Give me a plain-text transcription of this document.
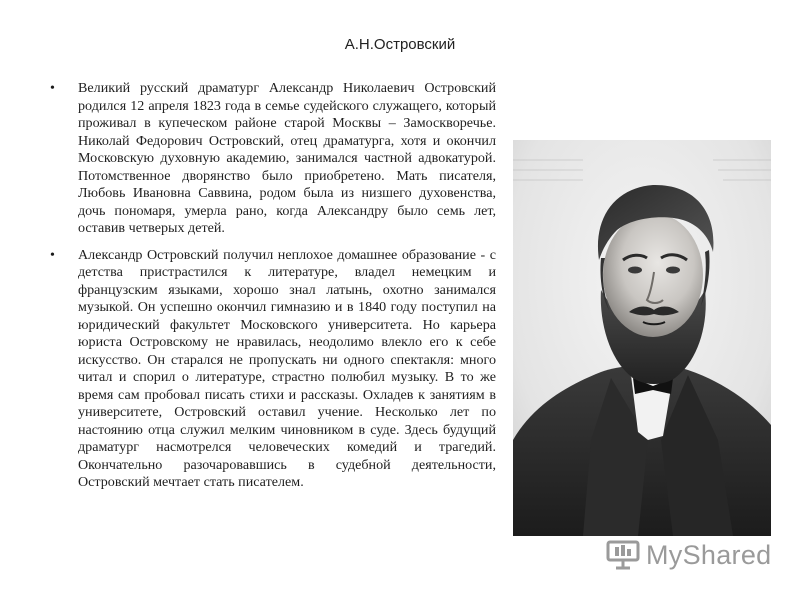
А.Н.Островский
• Великий русский драматург Александр Николаевич Островский родился 12 апреля 1823 года в семье судейского служащего, который проживал в купеческом районе старой Москвы – Замоскворечье. Николай Федорович Островский, отец драматурга, хотя и окончил Московскую духовную академию, занимался частной адвокатурой. Потомственное дворянство было приобретено. Мать писателя, Любовь Ивановна Саввина, родом была из низшего духовенства, дочь пономаря, умерла рано, когда Александру было семь лет, оставив четверых детей.
• Александр Островский получил неплохое домашнее образование - с детства пристрастился к литературе, владел немецким и французским языками, хорошо знал латынь, охотно занимался музыкой. Он успешно окончил гимназию и в 1840 году поступил на юридический факультет Московского университета. Но карьера юриста Островскому не нравилась, неодолимо влекло его к себе искусство. Он старался не пропускать ни одного спектакля: много читал и спорил о литературе, страстно полюбил музыку. В то же время сам пробовал писать стихи и рассказы. Охладев к занятиям в университете, Островский оставил учение. Несколько лет по настоянию отца служил мелким чиновником в суде. Здесь будущий драматург насмотрелся человеческих комедий и трагедий. Окончательно разочаровавшись в судебной деятельности, Островский мечтает стать писателем.
MyShared
